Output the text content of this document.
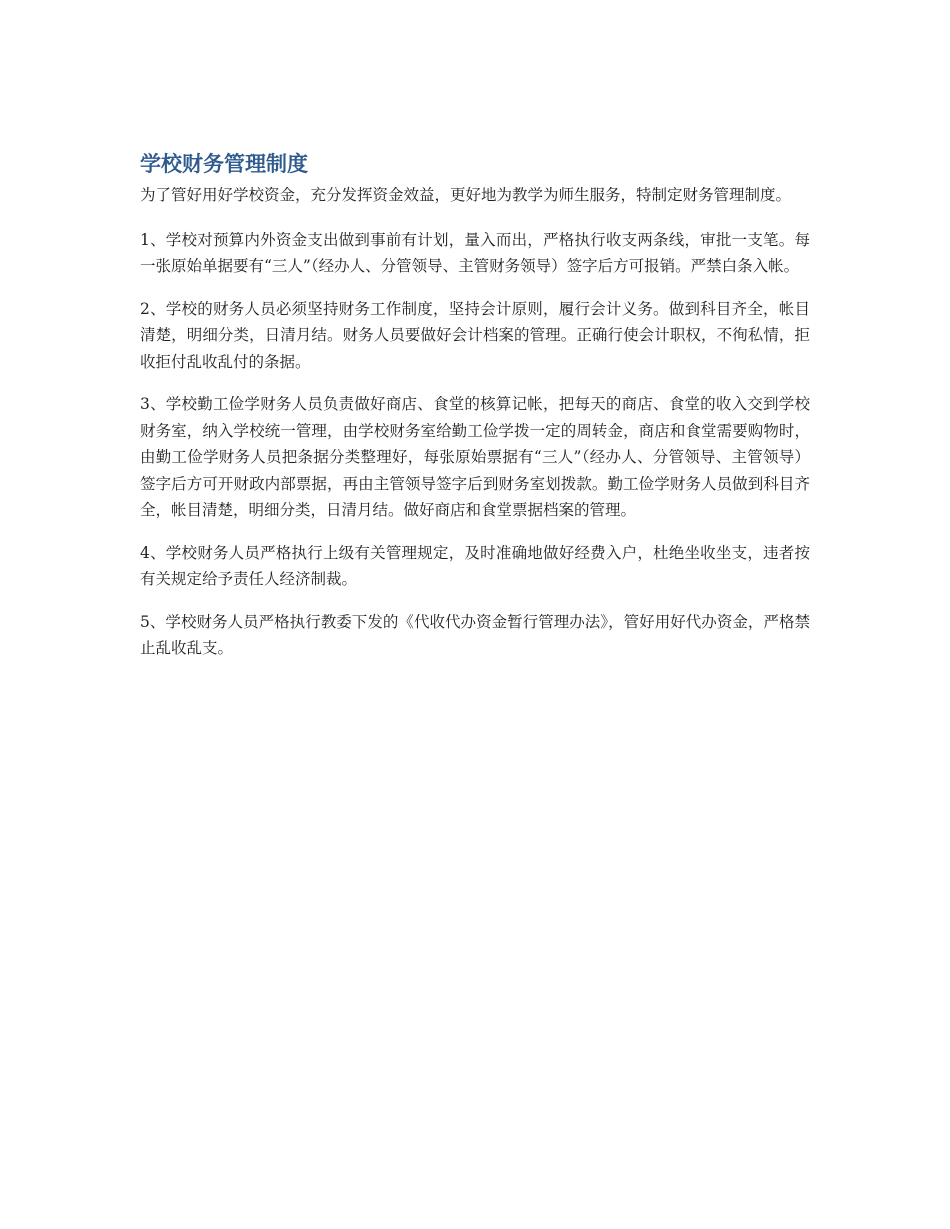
学校财务管理制度

为了管好用好学校资金，充分发挥资金效益，更好地为教学为师生服务，特制定财务管理制度。

1、学校对预算内外资金支出做到事前有计划，量入而出，严格执行收支两条线，审批一支笔。每一张原始单据要有“三人”（经办人、分管领导、主管财务领导）签字后方可报销。严禁白条入帐。

2、学校的财务人员必须坚持财务工作制度，坚持会计原则，履行会计义务。做到科目齐全，帐目清楚，明细分类，日清月结。财务人员要做好会计档案的管理。正确行使会计职权，不徇私情，拒收拒付乱收乱付的条据。

3、学校勤工俭学财务人员负责做好商店、食堂的核算记帐，把每天的商店、食堂的收入交到学校财务室，纳入学校统一管理，由学校财务室给勤工俭学拨一定的周转金，商店和食堂需要购物时，由勤工俭学财务人员把条据分类整理好，每张原始票据有“三人”（经办人、分管领导、主管领导）签字后方可开财政内部票据，再由主管领导签字后到财务室划拨款。勤工俭学财务人员做到科目齐全，帐目清楚，明细分类，日清月结。做好商店和食堂票据档案的管理。

4、学校财务人员严格执行上级有关管理规定，及时准确地做好经费入户，杜绝坐收坐支，违者按有关规定给予责任人经济制裁。

5、学校财务人员严格执行教委下发的《代收代办资金暂行管理办法》，管好用好代办资金，严格禁止乱收乱支。
